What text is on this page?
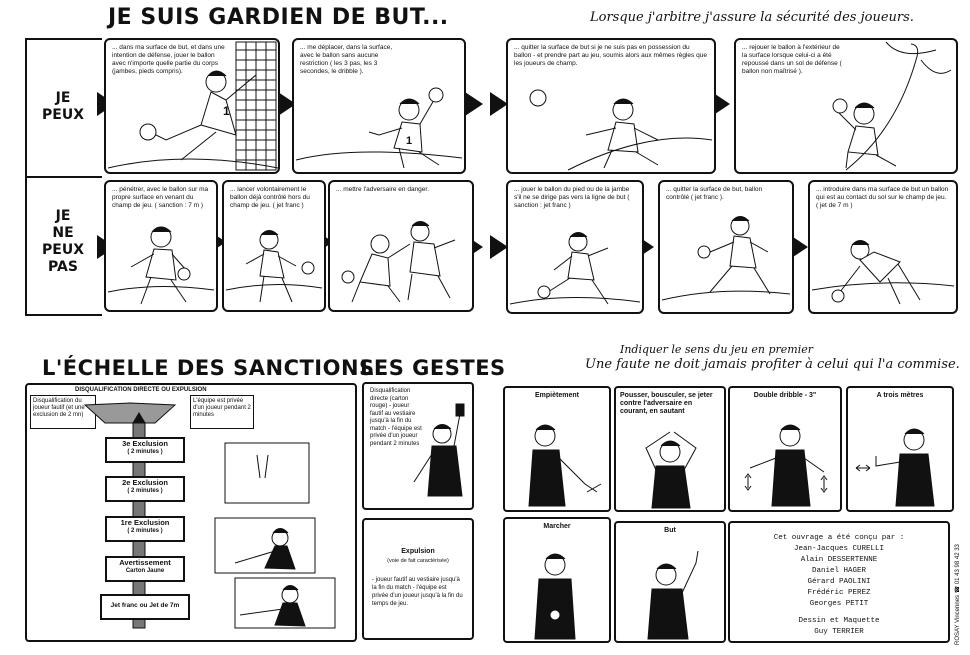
JE SUIS GARDIEN DE BUT...	Lorsque j'arbitre j'assure la sécurité des joueurs.
JE
PEUX
JE
NE
PEUX
PAS
... dans ma surface de but, et dans une intention de défense, jouer le ballon avec n'importe quelle partie du corps (jambes, pieds compris).
1
... me déplacer, dans la surface, avec le ballon sans aucune restriction ( les 3 pas, les 3 secondes, le dribble ).
1
... pénétrer, avec le ballon sur ma propre surface en venant du champ de jeu. ( sanction : 7 m )
... lancer volontairement le ballon déjà contrôlé hors du champ de jeu. ( jet franc )
... mettre l'adversaire en danger.
... quitter la surface de but si je ne suis pas en possession du ballon - et prendre part au jeu, soumis alors aux mêmes règles que les joueurs de champ.
... rejouer le ballon à l'extérieur de la surface lorsque celui-ci a été repoussé dans un sol de défense ( ballon non maîtrisé ).
... jouer le ballon du pied ou de la jambe s'il ne se dirige pas vers la ligne de but ( sanction : jet franc )
... quitter la surface de but, ballon contrôlé ( jet franc ).
... introduire dans ma surface de but un ballon qui est au contact du sol sur le champ de jeu. ( jet de 7 m )
L'ÉCHELLE DES SANCTIONS
LES GESTES
DISQUALIFICATION DIRECTE OU EXPULSION
Disqualification du joueur fautif (et une exclusion de 2 mn)
L'équipe est privée d'un joueur pendant 2 minutes
3e Exclusion
( 2 minutes )
2e Exclusion
( 2 minutes )
1re Exclusion
( 2 minutes )
Avertissement
Carton Jaune
Jet franc ou Jet de 7m
Disqualification directe (carton rouge) - joueur fautif au vestiaire jusqu'à la fin du match - l'équipe est privée d'un joueur pendant 2 minutes
Expulsion
(voie de fait caractérisée)
- joueur fautif au vestiaire jusqu'à la fin du match - l'équipe est privée d'un joueur jusqu'à la fin du temps de jeu.
Indiquer le sens du jeu en premier
Une faute ne doit jamais profiter à celui qui l'a commise.
Empiètement	Pousser, bousculer, se jeter contre l'adversaire en courant, en sautant
Double dribble - 3"	A trois mètres
Marcher
But
Cet ouvrage a été conçu par :
Jean-Jacques CURELLI
Alain DESSERTENNE
Daniel HAGER
Gérard PAOLINI
Frédéric PEREZ
Georges PETIT
Dessin et Maquette
Guy TERRIER	ROSAY Vincennes ☎ 01 43 98 42 33
